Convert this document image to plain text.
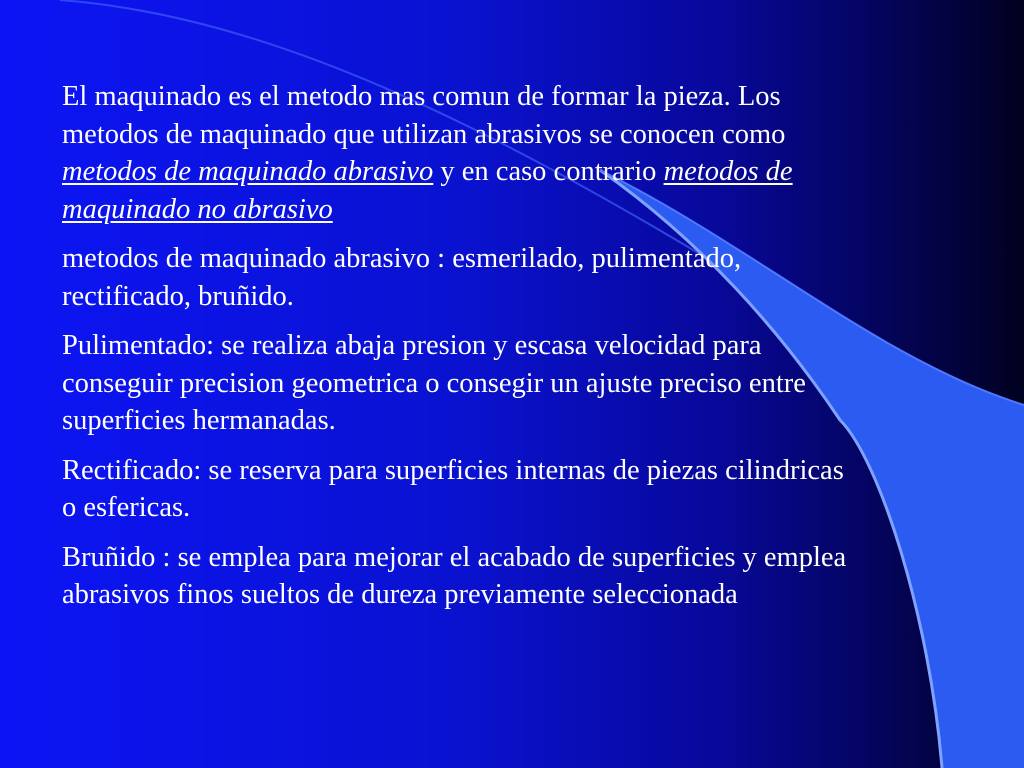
El maquinado es el metodo mas comun de formar la pieza. Los metodos de maquinado que utilizan abrasivos se conocen como metodos de maquinado abrasivo y en caso contrario metodos de maquinado no abrasivo

metodos de maquinado abrasivo : esmerilado, pulimentado, rectificado, bruñido.

Pulimentado: se realiza abaja presion y escasa velocidad para conseguir precision geometrica o consegir un ajuste preciso entre superficies hermanadas.

Rectificado: se reserva para superficies internas de piezas cilindricas o esfericas.

Bruñido : se emplea para mejorar el acabado de superficies y emplea abrasivos finos sueltos de dureza previamente seleccionada
